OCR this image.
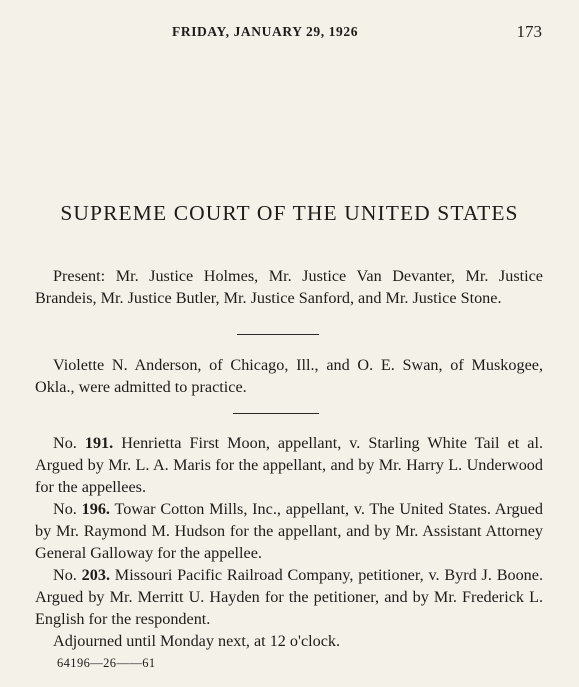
FRIDAY, JANUARY 29, 1926	173
SUPREME COURT OF THE UNITED STATES

Present: Mr. Justice Holmes, Mr. Justice Van Devanter, Mr. Justice Brandeis, Mr. Justice Butler, Mr. Justice Sanford, and Mr. Justice Stone.

Violette N. Anderson, of Chicago, Ill., and O. E. Swan, of Muskogee, Okla., were admitted to practice.

No. 191. Henrietta First Moon, appellant, v. Starling White Tail et al. Argued by Mr. L. A. Maris for the appellant, and by Mr. Harry L. Underwood for the appellees.

No. 196. Towar Cotton Mills, Inc., appellant, v. The United States. Argued by Mr. Raymond M. Hudson for the appellant, and by Mr. Assistant Attorney General Galloway for the appellee.

No. 203. Missouri Pacific Railroad Company, petitioner, v. Byrd J. Boone. Argued by Mr. Merritt U. Hayden for the petitioner, and by Mr. Frederick L. English for the respondent.

Adjourned until Monday next, at 12 o'clock.

64196—26——61
